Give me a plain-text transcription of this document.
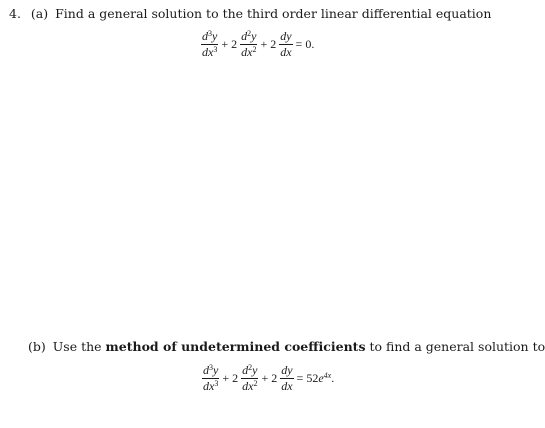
4. (a) Find a general solution to the third order linear differential equation
$\frac{d^3y}{dx^3} + 2 \frac{d^2y}{dx^2} + 2 \frac{dy}{dx} = 0$.
(b) Use the method of undetermined coefficients to find a general solution to
$\frac{d^3y}{dx^3} + 2 \frac{d^2y}{dx^2} + 2 \frac{dy}{dx} = 52e^{4x}$.
